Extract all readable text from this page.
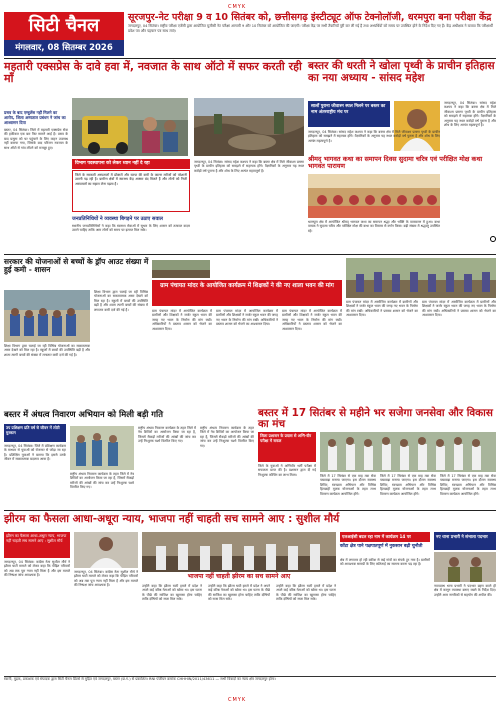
CMYK
सिटी चैनल
मंगलवार, 08 सितम्बर 2026
सूरजपुर-नेट परीक्षा 9 व 10 सितंबर को, छत्तीसगढ़ इंस्टीट्यूट ऑफ टेक्नोलॉजी, धरमपुरा बना परीक्षा केंद्र
जगदलपुर, 04 सितंबर। राष्ट्रीय परीक्षा एजेंसी द्वारा आयोजित यूजीसी नेट परीक्षा आगामी 9 और 10 सितंबर को आयोजित की जाएगी। परीक्षा केंद्र पर सभी तैयारियाँ पूरी कर ली गई हैं तथा अभ्यर्थियों को समय पर उपस्थित होने के निर्देश दिए गए हैं। केंद्र अधीक्षक ने बताया कि परीक्षार्थी प्रवेश पत्र और पहचान पत्र साथ लाएं।
महतारी एक्सप्रेस के दावे हवा में, नवजात के साथ ऑटो में सफर करती रही माँ
प्रसव के बाद एम्बुलेंस नहीं मिलने का आरोप, जिला अस्पताल प्रबंधन ने जांच का आश्वासन दिया
बस्तर, 04 सितंबर। जिले में महतारी एक्सप्रेस सेवा की हकीकत एक बार फिर सामने आई है। प्रसव के बाद प्रसूता को घर पहुंचाने के लिए वाहन उपलब्ध नहीं कराया गया, जिसके बाद परिजन नवजात के साथ ऑटो से गांव लौटने को मजबूर हुए।
विभाग पदस्थापना को लेकर ध्यान नहीं दे रहा
जिले के सरकारी अस्पतालों में डॉक्टरों और स्टाफ की कमी के कारण मरीजों को परेशानी उठानी पड़ रही है। ग्रामीण क्षेत्रों में स्वास्थ्य केंद्र अक्सर बंद मिलते हैं और लोगों को निजी अस्पतालों का सहारा लेना पड़ता है।
जनप्रतिनिधियों ने व्यवस्था बिगड़ने पर उठाए सवाल
स्थानीय जनप्रतिनिधियों ने कहा कि स्वास्थ्य सेवाओं में सुधार के लिए शासन को तत्काल कदम उठाने चाहिए ताकि आम लोगों को समय पर इलाज मिल सके।
बस्तर की धरती ने खोला पृथ्वी के प्राचीन इतिहास का नया अध्याय - सांसद महेश
सालों पुराना जीवाश्म स्थल मिलने पर बस्तर का नाम अंतरराष्ट्रीय मंच पर
जगदलपुर, 04 सितंबर। सांसद महेश कश्यप ने कहा कि बस्तर क्षेत्र में मिले जीवाश्म प्रमाण पृथ्वी के प्राचीन इतिहास को समझने में सहायक होंगे। वैज्ञानिकों के अनुसार यह स्थल करोड़ों वर्ष पुराना है और शोध के लिए अत्यंत महत्वपूर्ण है।
जगदलपुर, 04 सितंबर। सांसद महेश कश्यप ने कहा कि बस्तर क्षेत्र में मिले जीवाश्म प्रमाण पृथ्वी के प्राचीन इतिहास को समझने में सहायक होंगे। वैज्ञानिकों के अनुसार यह स्थल करोड़ों वर्ष पुराना है और शोध के लिए अत्यंत महत्वपूर्ण है।
जगदलपुर, 04 सितंबर। सांसद महेश कश्यप ने कहा कि बस्तर क्षेत्र में मिले जीवाश्म प्रमाण पृथ्वी के प्राचीन इतिहास को समझने में सहायक होंगे। वैज्ञानिकों के अनुसार यह स्थल करोड़ों वर्ष पुराना है और शोध के लिए अत्यंत महत्वपूर्ण है।
श्रीमद् भागवत कथा का समापन दिवस सुदामा चरित्र एवं परीक्षित मोक्ष कथा भागवत पारायण
धरमपुरा क्षेत्र में आयोजित श्रीमद् भागवत कथा का समापन श्रद्धा और भक्ति के वातावरण में हुआ। कथा वाचक ने सुदामा चरित्र और परीक्षित मोक्ष की कथा का विस्तार से वर्णन किया। बड़ी संख्या में श्रद्धालु उपस्थित रहे।
सरकार की योजनाओं से बच्चों के ड्रॉप आउट संख्या में हुई कमी - शासन
शिक्षा विभाग द्वारा चलाई जा रही विभिन्न योजनाओं का सकारात्मक असर देखने को मिल रहा है। स्कूलों में बच्चों की उपस्थिति बढ़ी है और शाला त्यागी बच्चों की संख्या में लगातार कमी दर्ज की गई है।
शिक्षा विभाग द्वारा चलाई जा रही विभिन्न योजनाओं का सकारात्मक असर देखने को मिल रहा है। स्कूलों में बच्चों की उपस्थिति बढ़ी है और शाला त्यागी बच्चों की संख्या में लगातार कमी दर्ज की गई है।
ग्राम पंचायत मांदर के आयोजित कार्यक्रम में शिक्षकों ने की नए शाला भवन की मांग
ग्राम पंचायत मांदर में आयोजित कार्यक्रम में ग्रामीणों और शिक्षकों ने जर्जर स्कूल भवन की जगह नए भवन के निर्माण की मांग रखी। अधिकारियों ने प्रस्ताव शासन को भेजने का आश्वासन दिया।
ग्राम पंचायत मांदर में आयोजित कार्यक्रम में ग्रामीणों और शिक्षकों ने जर्जर स्कूल भवन की जगह नए भवन के निर्माण की मांग रखी। अधिकारियों ने प्रस्ताव शासन को भेजने का आश्वासन दिया।
ग्राम पंचायत मांदर में आयोजित कार्यक्रम में ग्रामीणों और शिक्षकों ने जर्जर स्कूल भवन की जगह नए भवन के निर्माण की मांग रखी। अधिकारियों ने प्रस्ताव शासन को भेजने का आश्वासन दिया।
ग्राम पंचायत मांदर में आयोजित कार्यक्रम में ग्रामीणों और शिक्षकों ने जर्जर स्कूल भवन की जगह नए भवन के निर्माण की मांग रखी। अधिकारियों ने प्रस्ताव शासन को भेजने का आश्वासन दिया।
ग्राम पंचायत मांदर में आयोजित कार्यक्रम में ग्रामीणों और शिक्षकों ने जर्जर स्कूल भवन की जगह नए भवन के निर्माण की मांग रखी। अधिकारियों ने प्रस्ताव शासन को भेजने का आश्वासन दिया।
बस्तर में अंधत्व निवारण अभियान को मिली बड़ी गति	बस्तर में 17 सितंबर से महीने भर सजेगा जनसेवा और विकास का मंच
उप प्रशिक्षण प्रति वर्ष से जीवन में लोटी मुस्कान
जगदलपुर, 04 सितंबर। जिले में प्रशिक्षण कार्यक्रम के माध्यम से युवाओं को रोजगार से जोड़ा जा रहा है। प्रशिक्षित युवाओं ने बताया कि इससे उनके जीवन में सकारात्मक बदलाव आया है।
राष्ट्रीय अंधत्व निवारण कार्यक्रम के तहत जिले में नेत्र शिविरों का आयोजन किया जा रहा है, जिसमें सैकड़ों मरीजों की आंखों की जांच कर उन्हें निःशुल्क चश्मे वितरित किए गए।
राष्ट्रीय अंधत्व निवारण कार्यक्रम के तहत जिले में नेत्र शिविरों का आयोजन किया जा रहा है, जिसमें सैकड़ों मरीजों की आंखों की जांच कर उन्हें निःशुल्क चश्मे वितरित किए गए।
राष्ट्रीय अंधत्व निवारण कार्यक्रम के तहत जिले में नेत्र शिविरों का आयोजन किया जा रहा है, जिसमें सैकड़ों मरीजों की आंखों की जांच कर उन्हें निःशुल्क चश्मे वितरित किए गए।
जिला प्रशासन के प्रयास से अग्नि-वीर परीक्षा में सफल
जिले के युवाओं ने अग्निवीर भर्ती परीक्षा में सफलता प्राप्त की है। प्रशासन द्वारा दी गई निःशुल्क कोचिंग का लाभ मिला।	जिले में 17 सितंबर से एक माह तक सेवा पखवाड़ा मनाया जाएगा। इस दौरान स्वास्थ्य शिविर, स्वच्छता अभियान और विभिन्न हितग्राही मूलक योजनाओं के तहत लाभ वितरण कार्यक्रम आयोजित होंगे।
जिले में 17 सितंबर से एक माह तक सेवा पखवाड़ा मनाया जाएगा। इस दौरान स्वास्थ्य शिविर, स्वच्छता अभियान और विभिन्न हितग्राही मूलक योजनाओं के तहत लाभ वितरण कार्यक्रम आयोजित होंगे।
जिले में 17 सितंबर से एक माह तक सेवा पखवाड़ा मनाया जाएगा। इस दौरान स्वास्थ्य शिविर, स्वच्छता अभियान और विभिन्न हितग्राही मूलक योजनाओं के तहत लाभ वितरण कार्यक्रम आयोजित होंगे।
झीरम का फैसला आधा-अधूरा न्याय, भाजपा नहीं चाहती सच सामने आए : सुशील मौर्य
झीरम का फैसला आधा-अधूरा न्याय, भाजपा नहीं चाहती सच सामने आए : सुशील मौर्य
जगदलपुर, 04 सितंबर। कांग्रेस नेता सुशील मौर्य ने झीरम घाटी मामले को लेकर कहा कि पीड़ित परिवारों को अब तक पूरा न्याय नहीं मिला है और इस मामले की निष्पक्ष जांच आवश्यक है।
जगदलपुर, 04 सितंबर। कांग्रेस नेता सुशील मौर्य ने झीरम घाटी मामले को लेकर कहा कि पीड़ित परिवारों को अब तक पूरा न्याय नहीं मिला है और इस मामले की निष्पक्ष जांच आवश्यक है।
भाजपा नहीं चाहती झीरम का सच सामने आए
उन्होंने कहा कि झीरम घाटी हमले में प्रदेश ने अपने कई वरिष्ठ नेताओं को खोया था। इस घटना के पीछे की साजिश का खुलासा होना चाहिए ताकि दोषियों को सजा मिल सके।
उन्होंने कहा कि झीरम घाटी हमले में प्रदेश ने अपने कई वरिष्ठ नेताओं को खोया था। इस घटना के पीछे की साजिश का खुलासा होना चाहिए ताकि दोषियों को सजा मिल सके।
उन्होंने कहा कि झीरम घाटी हमले में प्रदेश ने अपने कई वरिष्ठ नेताओं को खोया था। इस घटना के पीछे की साजिश का खुलासा होना चाहिए ताकि दोषियों को सजा मिल सके।
एलआईसी बदल रहा नाम में कार्यक्रम 14 पर
कोंटा क्षेत्र पाने पक्षपातपूर्ण में नुकसान बढ़ी चुनौती
क्षेत्र में लगातार हो रही बारिश से कई गांवों का संपर्क टूट गया है। ग्रामीणों को आवश्यक सामग्री के लिए कठिनाई का सामना करना पड़ रहा है।
नए थाना प्रभारी ने संभाला पदभार
नवपदस्थ थाना प्रभारी ने पदभार ग्रहण करते ही क्षेत्र में कानून व्यवस्था बनाए रखने के निर्देश दिए। उन्होंने आम नागरिकों से सहयोग की अपील की।
स्वामी, मुद्रक, प्रकाशक एवं संपादक द्वारा सिटी चैनल प्रिंटर्स से मुद्रित एवं जगदलपुर, बस्तर (छ.ग.) से प्रकाशित। RNI पंजीयन क्रमांक CHHHIN/2011/43611 — सभी विवादों का न्याय क्षेत्र जगदलपुर होगा।
CMYK
